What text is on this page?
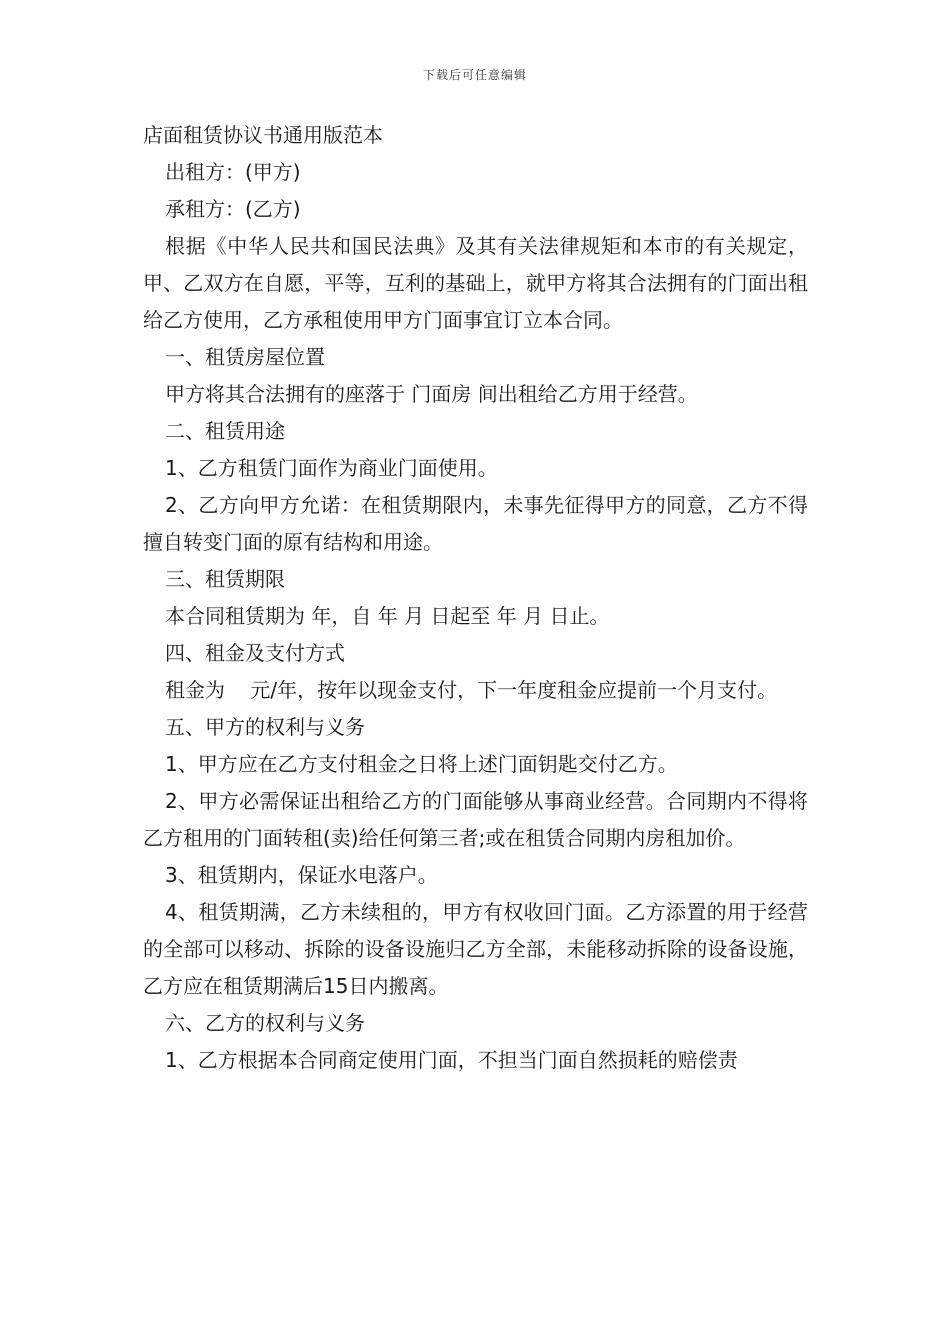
下载后可任意编辑
店面租赁协议书通用版范本
出租方：(甲方)
承租方：(乙方)
根据《中华人民共和国民法典》及其有关法律规矩和本市的有关规定，甲、乙双方在自愿，平等，互利的基础上，就甲方将其合法拥有的门面出租给乙方使用，乙方承租使用甲方门面事宜订立本合同。
一、租赁房屋位置
甲方将其合法拥有的座落于 门面房 间出租给乙方用于经营。
二、租赁用途
1、乙方租赁门面作为商业门面使用。
2、乙方向甲方允诺：在租赁期限内，未事先征得甲方的同意，乙方不得擅自转变门面的原有结构和用途。
三、租赁期限
本合同租赁期为 年，自 年 月 日起至 年 月 日止。
四、租金及支付方式
租金为    元/年，按年以现金支付，下一年度租金应提前一个月支付。
五、甲方的权利与义务
1、甲方应在乙方支付租金之日将上述门面钥匙交付乙方。
2、甲方必需保证出租给乙方的门面能够从事商业经营。合同期内不得将乙方租用的门面转租(卖)给任何第三者;或在租赁合同期内房租加价。
3、租赁期内，保证水电落户。
4、租赁期满，乙方未续租的，甲方有权收回门面。乙方添置的用于经营的全部可以移动、拆除的设备设施归乙方全部，未能移动拆除的设备设施，乙方应在租赁期满后15日内搬离。
六、乙方的权利与义务
1、乙方根据本合同商定使用门面，不担当门面自然损耗的赔偿责
